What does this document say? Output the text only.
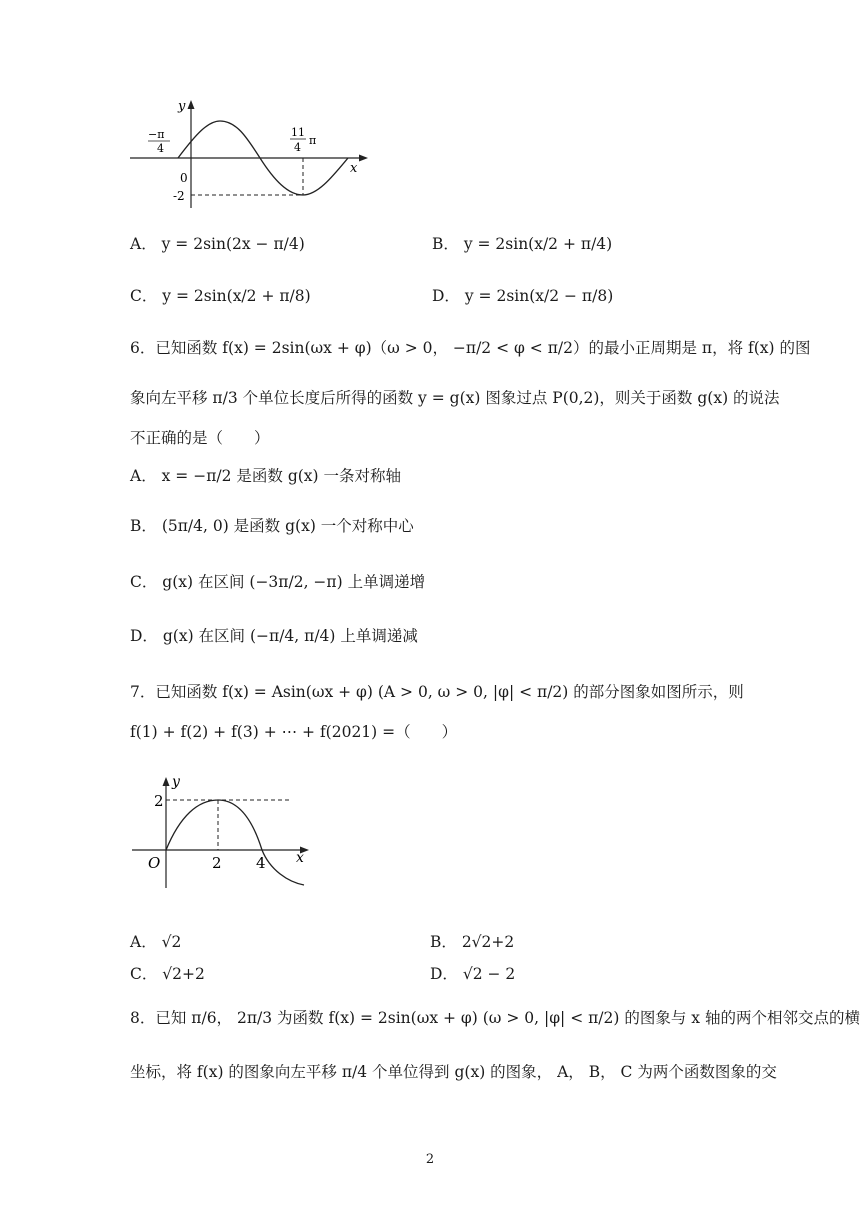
y
x
0
-2
−π
4
11
4
π
A． y = 2sin(2x − π/4)	B． y = 2sin(x/2 + π/4)
C． y = 2sin(x/2 + π/8)	D． y = 2sin(x/2 − π/8)
6．已知函数 f(x) = 2sin(ωx + φ)（ω > 0， −π/2 < φ < π/2）的最小正周期是 π，将 f(x) 的图
象向左平移 π/3 个单位长度后所得的函数 y = g(x) 图象过点 P(0,2)，则关于函数 g(x) 的说法
不正确的是（　　）
A． x = −π/2 是函数 g(x) 一条对称轴
B． (5π/4, 0) 是函数 g(x) 一个对称中心
C． g(x) 在区间 (−3π/2, −π) 上单调递增
D． g(x) 在区间 (−π/4, π/4) 上单调递减
7．已知函数 f(x) = Asin(ωx + φ) (A > 0, ω > 0, |φ| < π/2) 的部分图象如图所示，则
f(1) + f(2) + f(3) + ⋯ + f(2021) =（　　）
y
x
O
2
2 4
A． √2	B． 2√2+2
C． √2+2	D． √2 − 2
8．已知 π/6， 2π/3 为函数 f(x) = 2sin(ωx + φ) (ω > 0, |φ| < π/2) 的图象与 x 轴的两个相邻交点的横
坐标，将 f(x) 的图象向左平移 π/4 个单位得到 g(x) 的图象， A， B， C 为两个函数图象的交
2
